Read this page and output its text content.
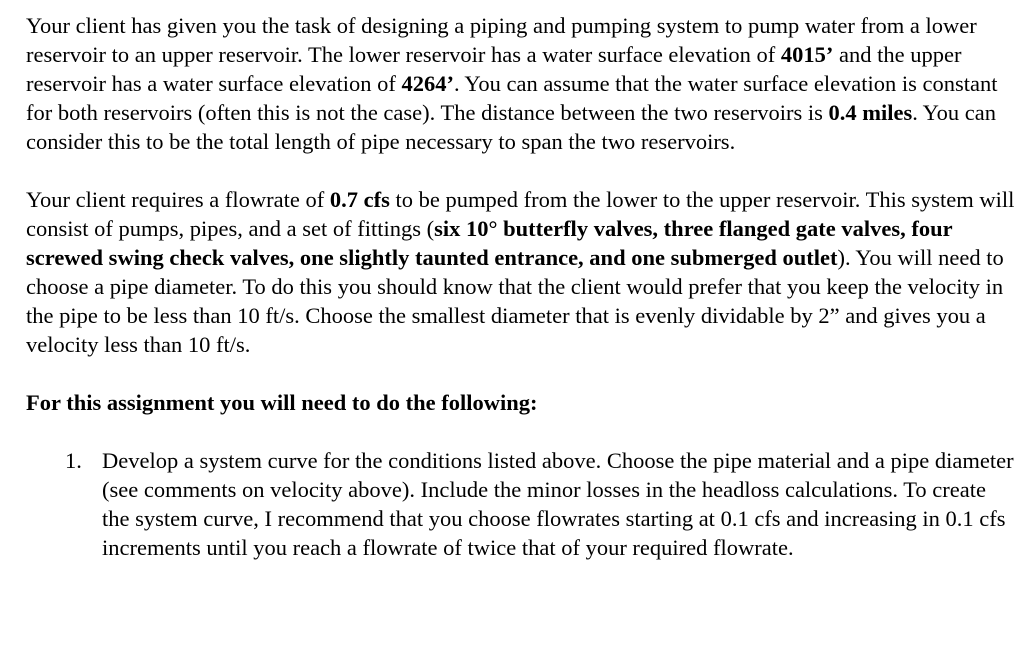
Your client has given you the task of designing a piping and pumping system to pump water from a lower reservoir to an upper reservoir. The lower reservoir has a water surface elevation of 4015’ and the upper reservoir has a water surface elevation of 4264’. You can assume that the water surface elevation is constant for both reservoirs (often this is not the case). The distance between the two reservoirs is 0.4 miles. You can consider this to be the total length of pipe necessary to span the two reservoirs.

Your client requires a flowrate of 0.7 cfs to be pumped from the lower to the upper reservoir. This system will consist of pumps, pipes, and a set of fittings (six 10° butterfly valves, three flanged gate valves, four screwed swing check valves, one slightly taunted entrance, and one submerged outlet). You will need to choose a pipe diameter. To do this you should know that the client would prefer that you keep the velocity in the pipe to be less than 10 ft/s. Choose the smallest diameter that is evenly dividable by 2” and gives you a velocity less than 10 ft/s.

For this assignment you will need to do the following:

1. Develop a system curve for the conditions listed above. Choose the pipe material and a pipe diameter (see comments on velocity above). Include the minor losses in the headloss calculations. To create the system curve, I recommend that you choose flowrates starting at 0.1 cfs and increasing in 0.1 cfs increments until you reach a flowrate of twice that of your required flowrate.
